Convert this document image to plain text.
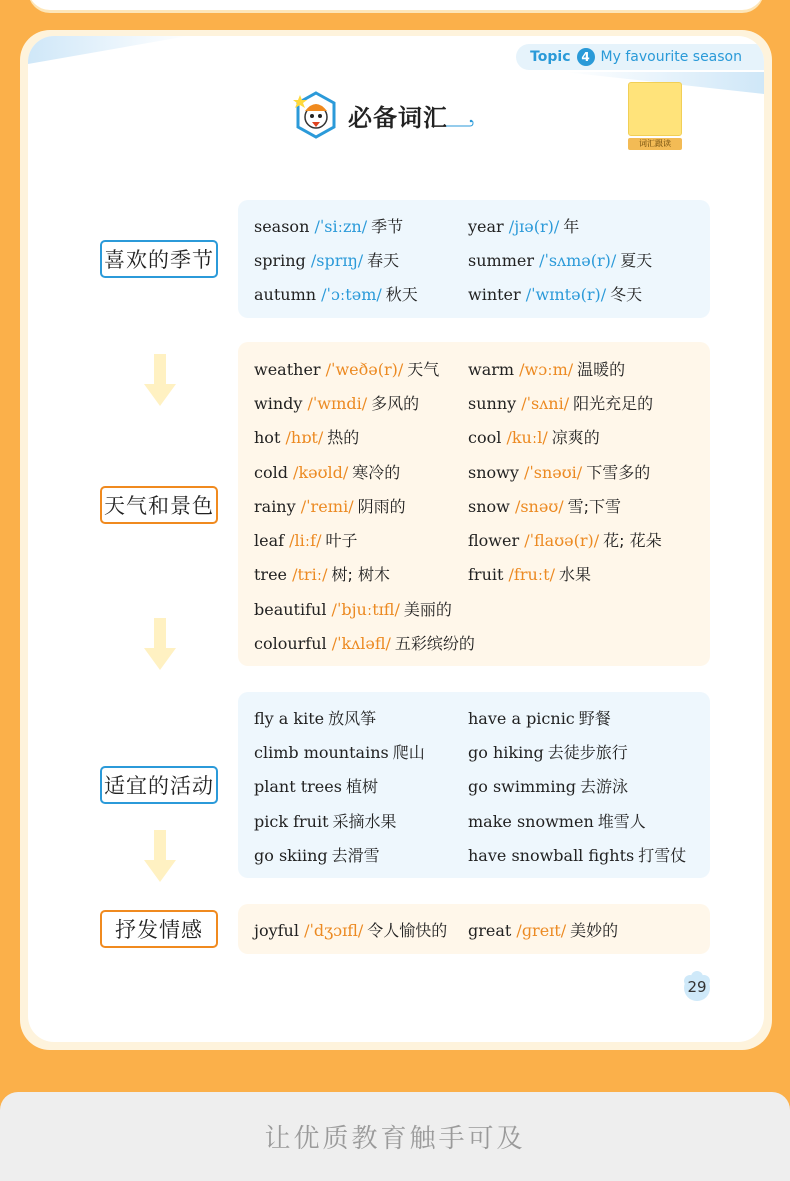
Topic 4 My favourite season
必备词汇
词汇跟读
喜欢的季节
天气和景色
适宜的活动
抒发情感
season /ˈsiːzn/ 季节	year /jɪə(r)/ 年
spring /sprɪŋ/ 春天	summer /ˈsʌmə(r)/ 夏天
autumn /ˈɔːtəm/ 秋天	winter /ˈwɪntə(r)/ 冬天
weather /ˈweðə(r)/ 天气	warm /wɔːm/ 温暖的
windy /ˈwɪndi/ 多风的	sunny /ˈsʌni/ 阳光充足的
hot /hɒt/ 热的	cool /kuːl/ 凉爽的
cold /kəʊld/ 寒冷的	snowy /ˈsnəʊi/ 下雪多的
rainy /ˈreɪni/ 阴雨的	snow /snəʊ/ 雪;下雪
leaf /liːf/ 叶子	flower /ˈflaʊə(r)/ 花; 花朵
tree /triː/ 树; 树木	fruit /fruːt/ 水果
beautiful /ˈbjuːtɪfl/ 美丽的
colourful /ˈkʌləfl/ 五彩缤纷的
fly a kite 放风筝	have a picnic 野餐
climb mountains 爬山	go hiking 去徒步旅行
plant trees 植树	go swimming 去游泳
pick fruit 采摘水果	make snowmen 堆雪人
go skiing 去滑雪	have snowball fights 打雪仗
joyful /ˈdʒɔɪfl/ 令人愉快的	great /ɡreɪt/ 美妙的
29
让优质教育触手可及
